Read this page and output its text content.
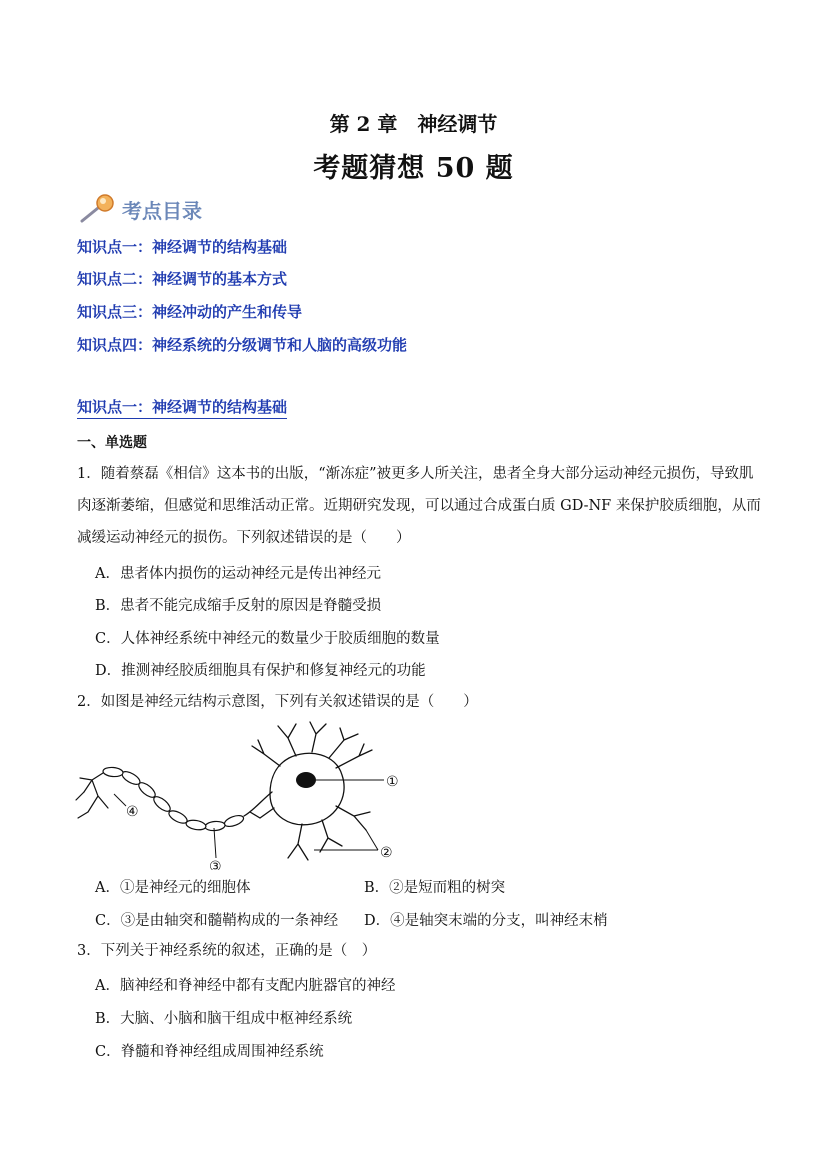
第 2 章　神经调节
考题猜想 50 题
考点目录
知识点一：神经调节的结构基础
知识点二：神经调节的基本方式
知识点三：神经冲动的产生和传导
知识点四：神经系统的分级调节和人脑的高级功能
知识点一：神经调节的结构基础
一、单选题
1．随着蔡磊《相信》这本书的出版，“渐冻症”被更多人所关注，患者全身大部分运动神经元损伤，导致肌
肉逐渐萎缩，但感觉和思维活动正常。近期研究发现，可以通过合成蛋白质 GD-NF 来保护胶质细胞，从而
减缓运动神经元的损伤。下列叙述错误的是（　　）
A．患者体内损伤的运动神经元是传出神经元
B．患者不能完成缩手反射的原因是脊髓受损
C．人体神经系统中神经元的数量少于胶质细胞的数量
D．推测神经胶质细胞具有保护和修复神经元的功能
2．如图是神经元结构示意图，下列有关叙述错误的是（　　）
①
②
③
④
A．①是神经元的细胞体	B．②是短而粗的树突
C．③是由轴突和髓鞘构成的一条神经 D．④是轴突末端的分支，叫神经末梢
3．下列关于神经系统的叙述，正确的是（　）
A．脑神经和脊神经中都有支配内脏器官的神经
B．大脑、小脑和脑干组成中枢神经系统
C．脊髓和脊神经组成周围神经系统
